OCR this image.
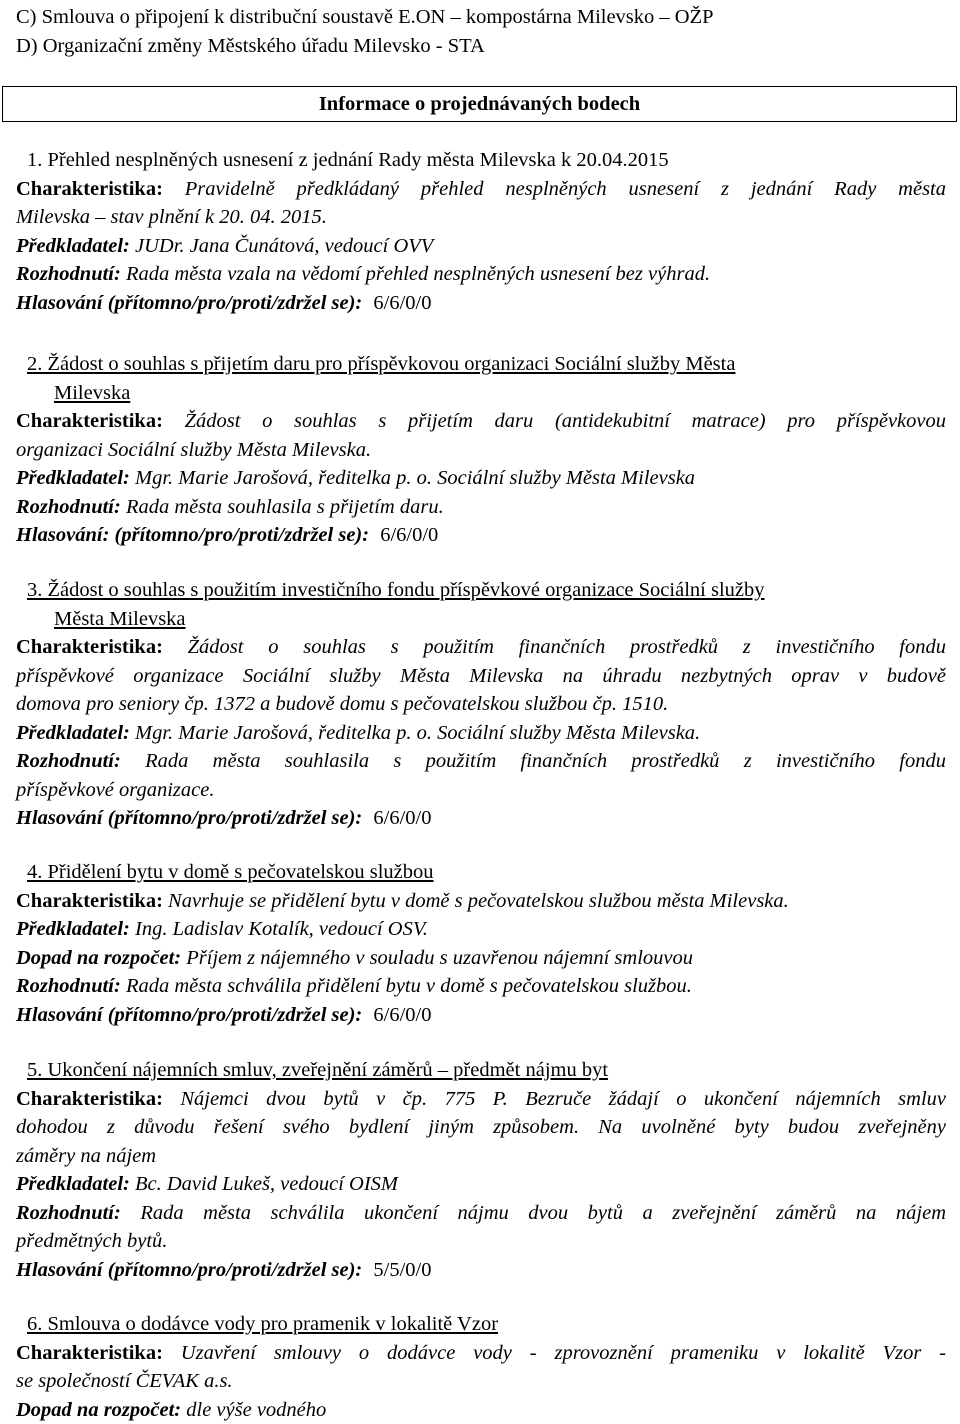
C) Smlouva o připojení k distribuční soustavě E.ON – kompostárna Milevsko – OŽP
D) Organizační změny Městského úřadu Milevsko - STA
Informace o projednávaných bodech
1. Přehled nesplněných usnesení z jednání Rady města Milevska k 20.04.2015
Charakteristika: Pravidelně předkládaný přehled nesplněných usnesení z jednání Rady města
Milevska – stav plnění k 20. 04. 2015.
Předkladatel: JUDr. Jana Čunátová, vedoucí OVV
Rozhodnutí: Rada města vzala na vědomí přehled nesplněných usnesení bez výhrad.
Hlasování (přítomno/pro/proti/zdržel se): 6/6/0/0
2. Žádost o souhlas s přijetím daru pro příspěvkovou organizaci Sociální služby Města
Milevska
Charakteristika: Žádost o souhlas s přijetím daru (antidekubitní matrace) pro příspěvkovou
organizaci Sociální služby Města Milevska.
Předkladatel: Mgr. Marie Jarošová, ředitelka p. o. Sociální služby Města Milevska
Rozhodnutí: Rada města souhlasila s přijetím daru.
Hlasování: (přítomno/pro/proti/zdržel se): 6/6/0/0
3. Žádost o souhlas s použitím investičního fondu příspěvkové organizace Sociální služby
Města Milevska
Charakteristika: Žádost o souhlas s použitím finančních prostředků z investičního fondu
příspěvkové organizace Sociální služby Města Milevska na úhradu nezbytných oprav v budově
domova pro seniory čp. 1372 a budově domu s pečovatelskou službou čp. 1510.
Předkladatel: Mgr. Marie Jarošová, ředitelka p. o. Sociální služby Města Milevska.
Rozhodnutí: Rada města souhlasila s použitím finančních prostředků z investičního fondu
příspěvkové organizace.
Hlasování (přítomno/pro/proti/zdržel se): 6/6/0/0
4. Přidělení bytu v domě s pečovatelskou službou
Charakteristika: Navrhuje se přidělení bytu v domě s pečovatelskou službou města Milevska.
Předkladatel: Ing. Ladislav Kotalík, vedoucí OSV.
Dopad na rozpočet: Příjem z nájemného v souladu s uzavřenou nájemní smlouvou
Rozhodnutí: Rada města schválila přidělení bytu v domě s pečovatelskou službou.
Hlasování (přítomno/pro/proti/zdržel se): 6/6/0/0
5. Ukončení nájemních smluv, zveřejnění záměrů – předmět nájmu byt
Charakteristika: Nájemci dvou bytů v čp. 775 P. Bezruče žádají o ukončení nájemních smluv
dohodou z důvodu řešení svého bydlení jiným způsobem. Na uvolněné byty budou zveřejněny
záměry na nájem
Předkladatel: Bc. David Lukeš, vedoucí OISM
Rozhodnutí: Rada města schválila ukončení nájmu dvou bytů a zveřejnění záměrů na nájem
předmětných bytů.
Hlasování (přítomno/pro/proti/zdržel se): 5/5/0/0
6. Smlouva o dodávce vody pro pramenik v lokalitě Vzor
Charakteristika: Uzavření smlouvy o dodávce vody - zprovoznění prameniku v lokalitě Vzor -
se společností ČEVAK a.s.
Dopad na rozpočet: dle výše vodného
